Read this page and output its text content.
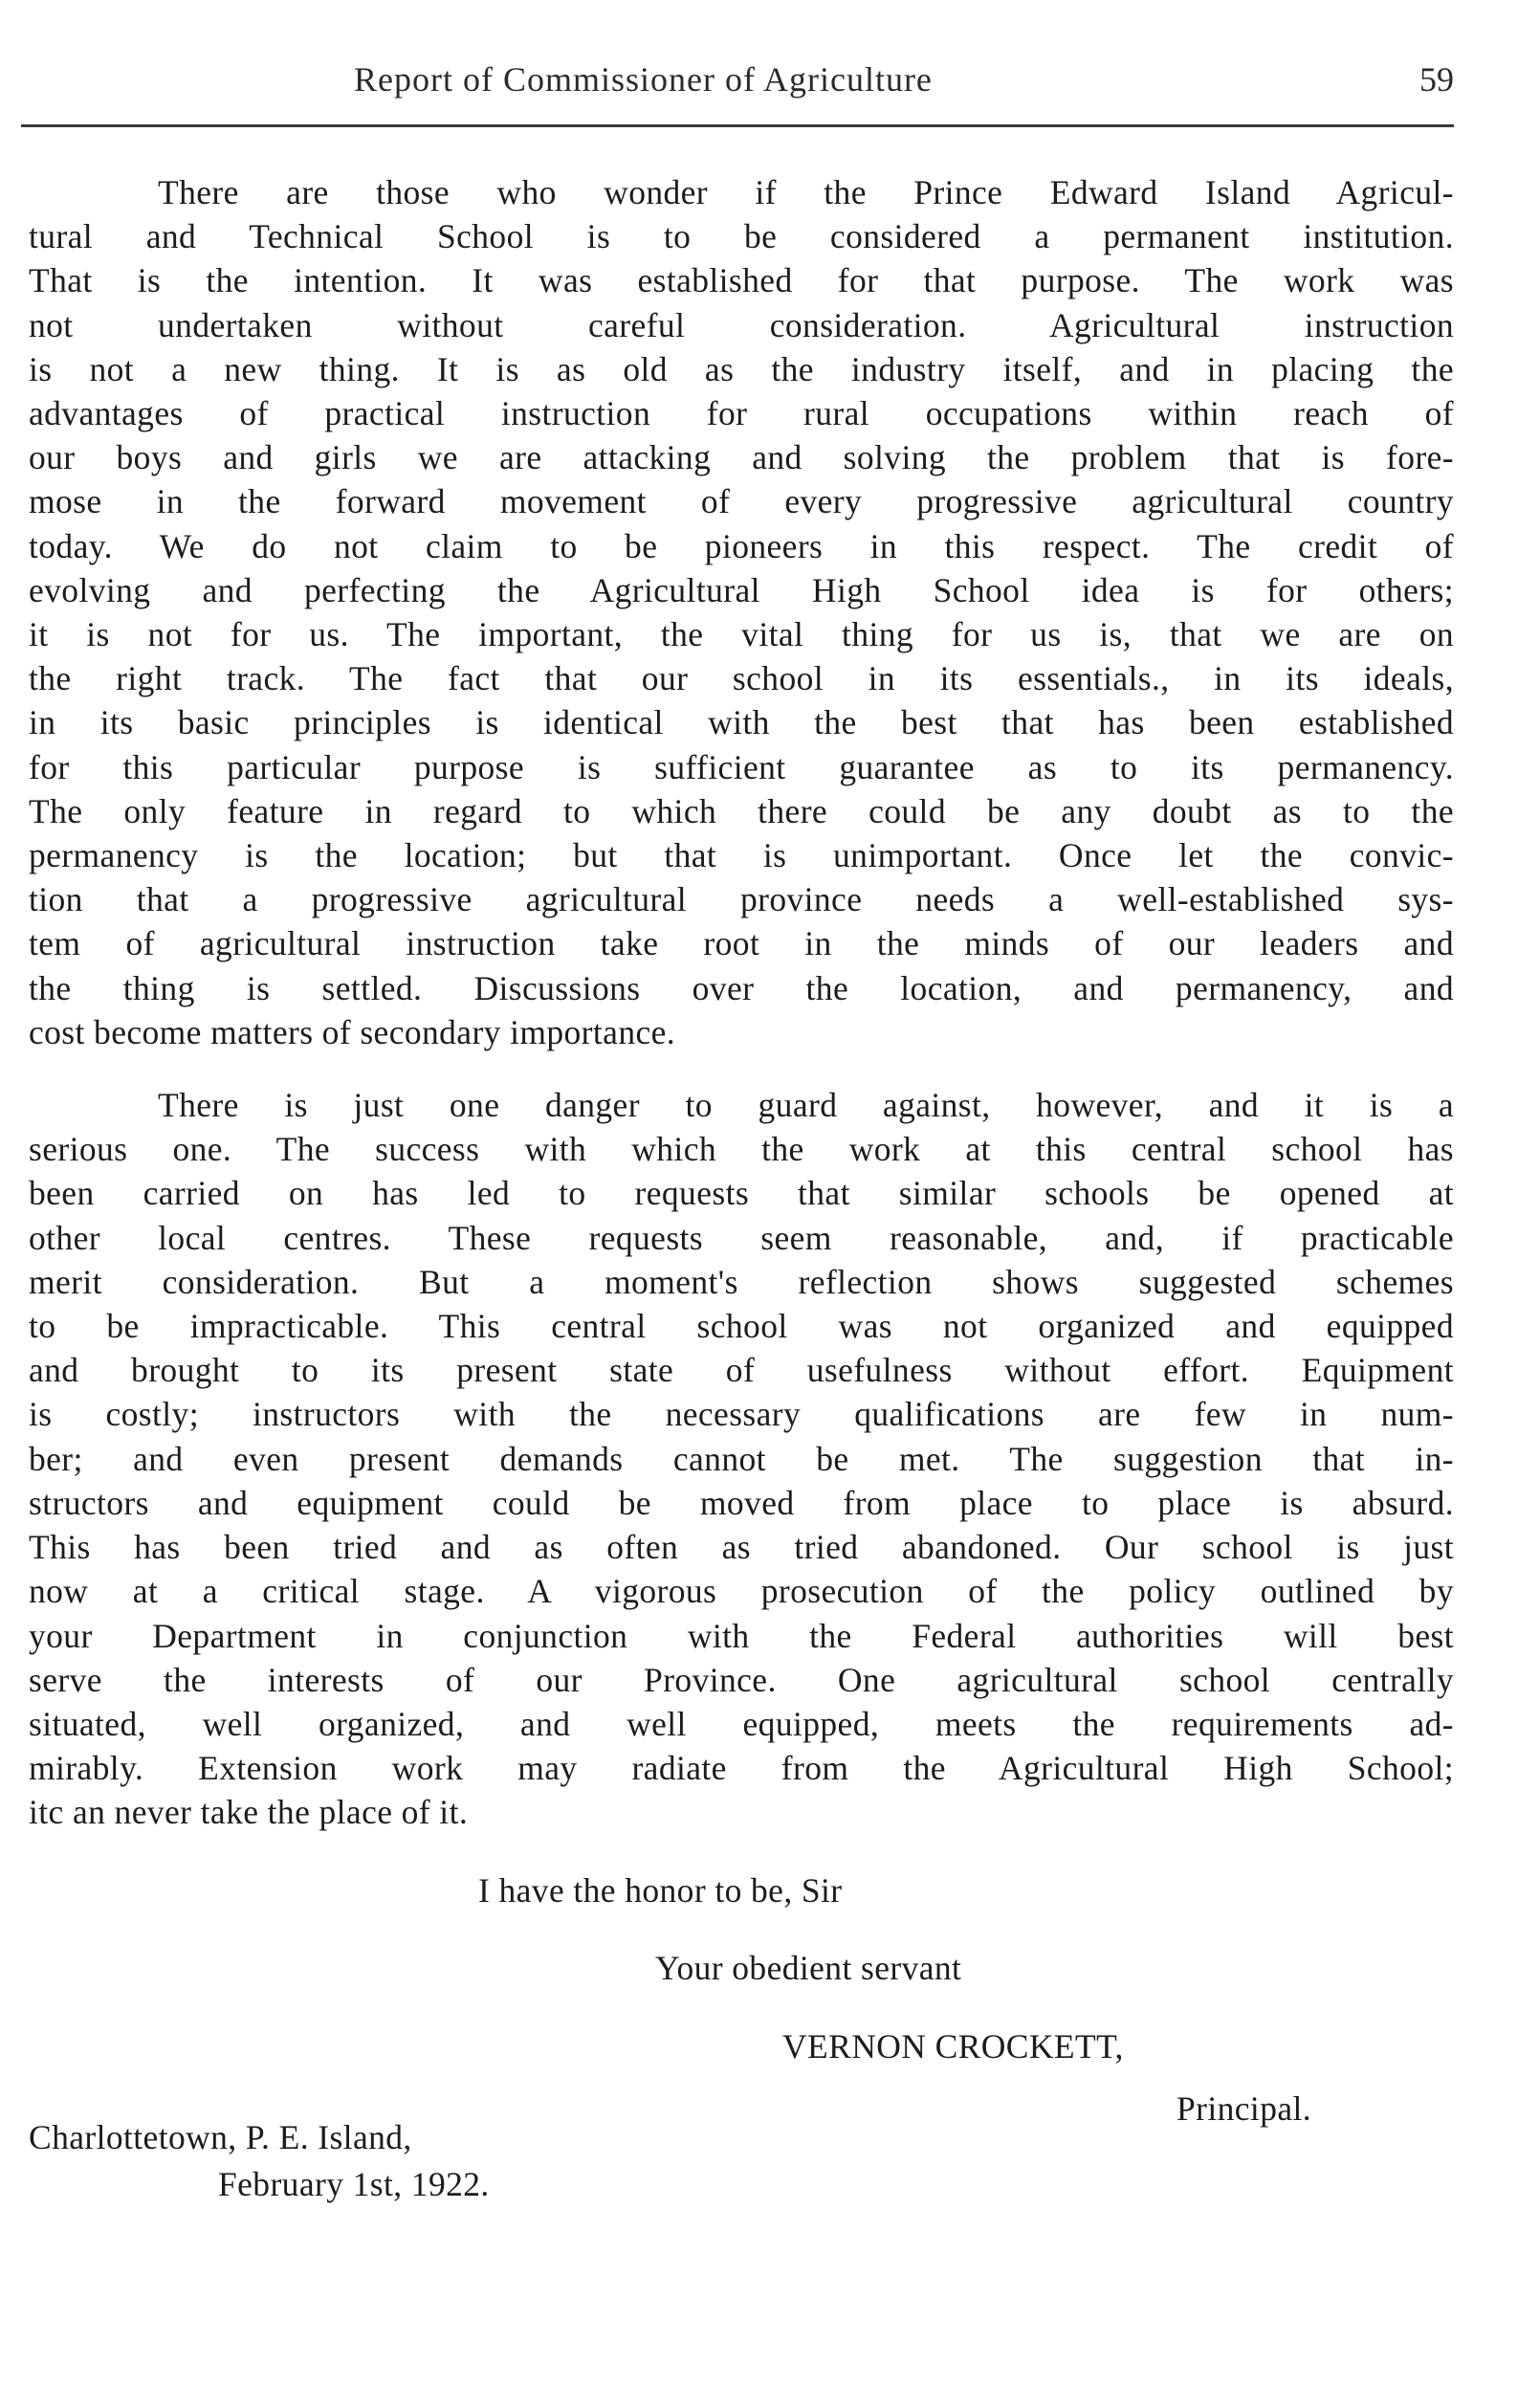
Report of Commissioner of Agriculture	59

There are those who wonder if the Prince Edward Island Agricul-
tural and Technical School is to be considered a permanent institution.
That is the intention. It was established for that purpose. The work was
not undertaken without careful consideration. Agricultural instruction
is not a new thing. It is as old as the industry itself, and in placing the
advantages of practical instruction for rural occupations within reach of
our boys and girls we are attacking and solving the problem that is fore-
mose in the forward movement of every progressive agricultural country
today. We do not claim to be pioneers in this respect. The credit of
evolving and perfecting the Agricultural High School idea is for others;
it is not for us. The important, the vital thing for us is, that we are on
the right track. The fact that our school in its essentials., in its ideals,
in its basic principles is identical with the best that has been established
for this particular purpose is sufficient guarantee as to its permanency.
The only feature in regard to which there could be any doubt as to the
permanency is the location; but that is unimportant. Once let the convic-
tion that a progressive agricultural province needs a well-established sys-
tem of agricultural instruction take root in the minds of our leaders and
the thing is settled. Discussions over the location, and permanency, and
cost become matters of secondary importance.

There is just one danger to guard against, however, and it is a
serious one. The success with which the work at this central school has
been carried on has led to requests that similar schools be opened at
other local centres. These requests seem reasonable, and, if practicable
merit consideration. But a moment's reflection shows suggested schemes
to be impracticable. This central school was not organized and equipped
and brought to its present state of usefulness without effort. Equipment
is costly; instructors with the necessary qualifications are few in num-
ber; and even present demands cannot be met. The suggestion that in-
structors and equipment could be moved from place to place is absurd.
This has been tried and as often as tried abandoned. Our school is just
now at a critical stage. A vigorous prosecution of the policy outlined by
your Department in conjunction with the Federal authorities will best
serve the interests of our Province. One agricultural school centrally
situated, well organized, and well equipped, meets the requirements ad-
mirably. Extension work may radiate from the Agricultural High School;
itc an never take the place of it.

I have the honor to be, Sir
Your obedient servant
VERNON CROCKETT,
Principal.
Charlottetown, P. E. Island,
February 1st, 1922.
